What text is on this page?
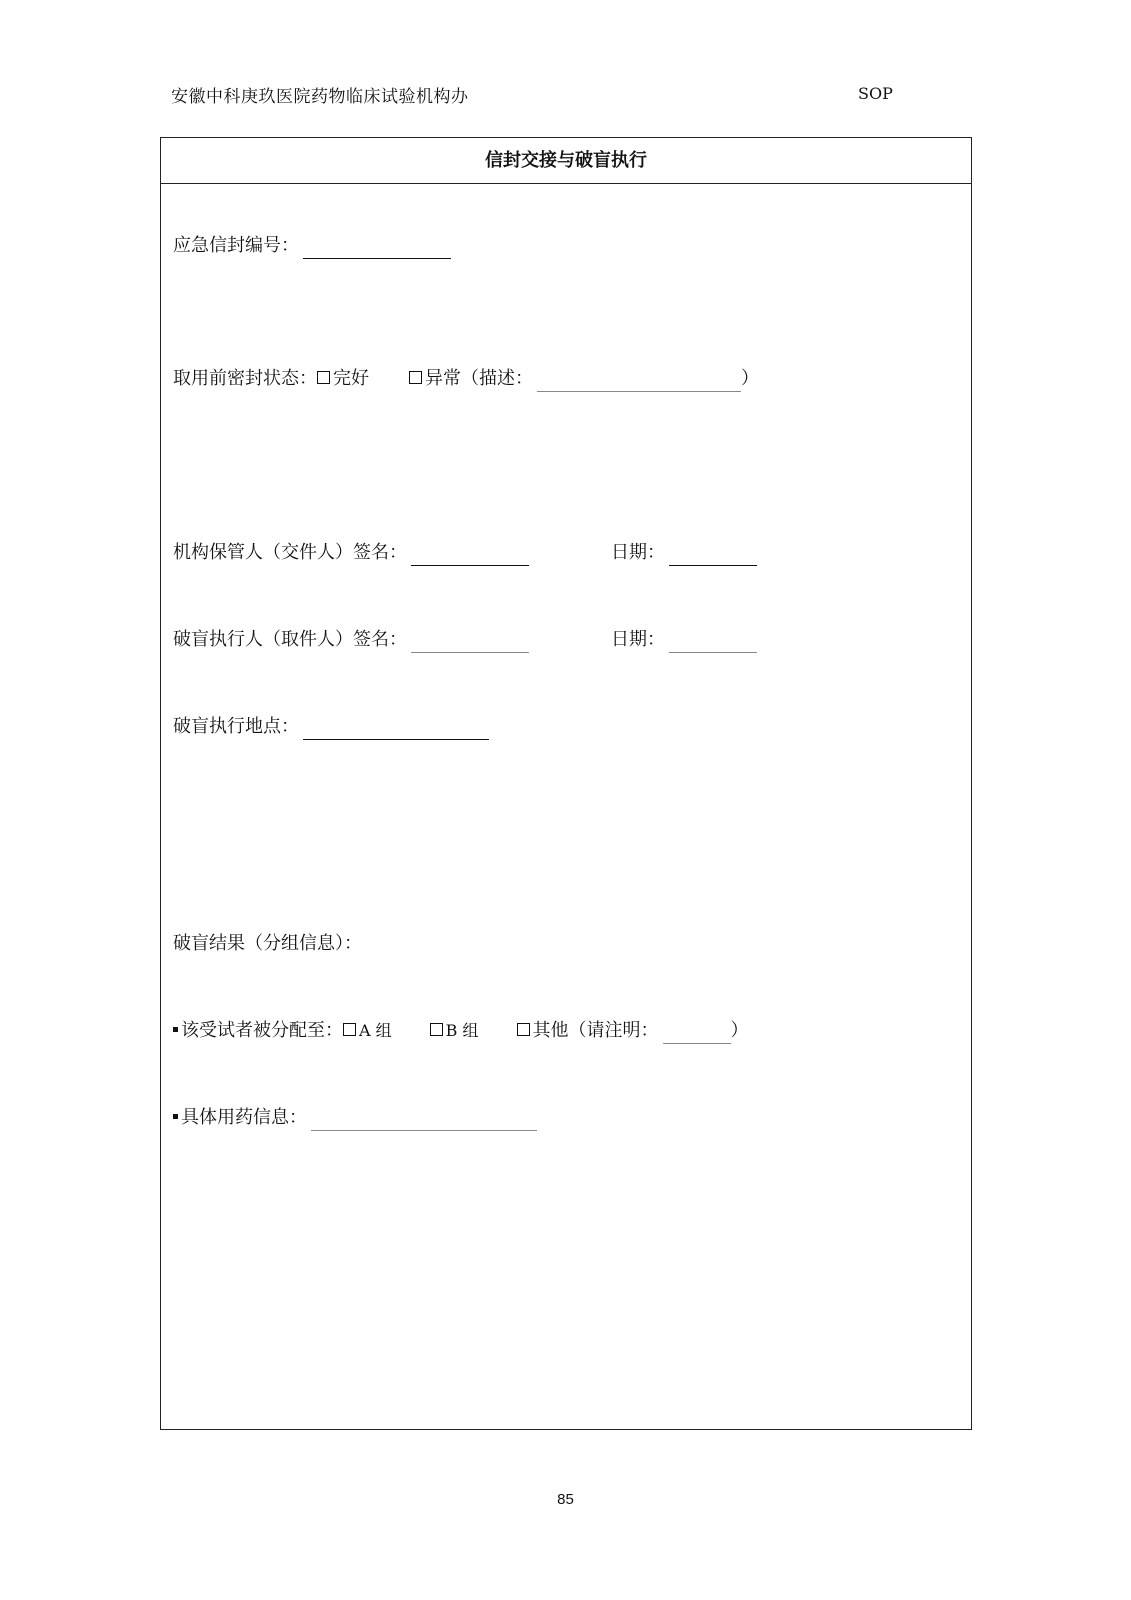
安徽中科庚玖医院药物临床试验机构办	SOP
信封交接与破盲执行
应急信封编号：
取用前密封状态： 完好	异常（描述：	）
机构保管人（交件人）签名：	日期：
破盲执行人（取件人）签名：	日期：
破盲执行地点：
破盲结果（分组信息）：
该受试者被分配至： A 组	B 组	其他（请注明：	）
具体用药信息：
85
